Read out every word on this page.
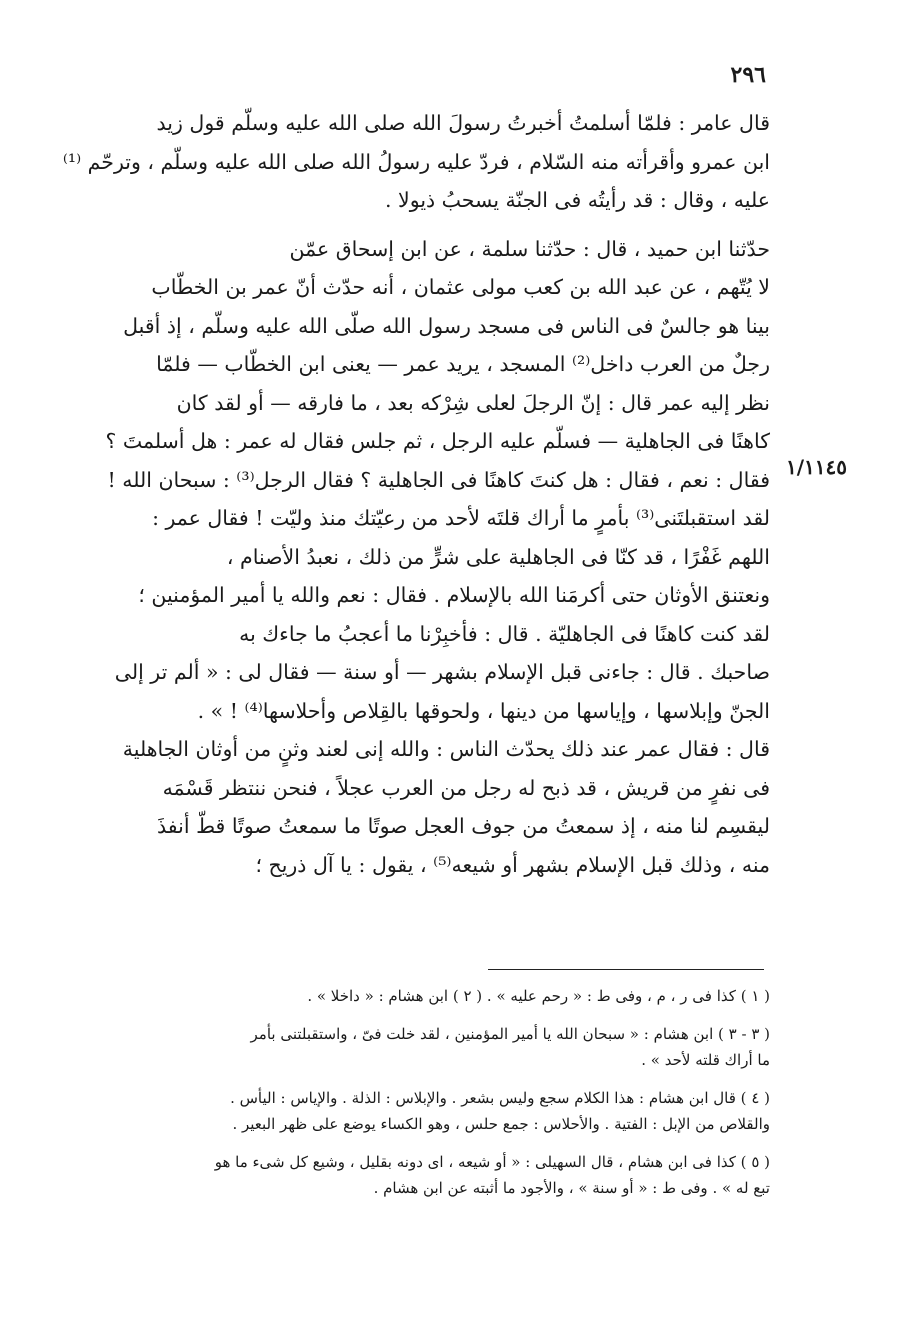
٢٩٦
١/١١٤٥
قال عامر : فلمّا أسلمتُ أخبرتُ رسولَ الله صلى الله عليه وسلّم قول زيد
ابن عمرو وأقرأته منه السّلام ، فردّ عليه رسولُ الله صلى الله عليه وسلّم ، وترحّم ⁽¹⁾
عليه ، وقال : قد رأيتُه فى الجنّة يسحبُ ذيولا .
حدّثنا ابن حميد ، قال : حدّثنا سلمة ، عن ابن إسحاق عمّن
لا يُتّهم ، عن عبد الله بن كعب مولى عثمان ، أنه حدّث أنّ عمر بن الخطّاب
بينا هو جالسٌ فى الناس فى مسجد رسول الله صلّى الله عليه وسلّم ، إذ أقبل
رجلٌ من العرب داخل⁽²⁾ المسجد ، يريد عمر — يعنى ابن الخطّاب — فلمّا
نظر إليه عمر قال : إنّ الرجلَ لعلى شِرْكه بعد ، ما فارقه — أو لقد كان
كاهنًا فى الجاهلية — فسلّم عليه الرجل ، ثم جلس فقال له عمر : هل أسلمتَ ؟
فقال : نعم ، فقال : هل كنتَ كاهنًا فى الجاهلية ؟ فقال الرجل⁽³⁾ : سبحان الله !
لقد استقبلتَنى⁽³⁾ بأمرٍ ما أراك قلتَه لأحد من رعيّتك منذ وليّت ! فقال عمر :
اللهم غَفْرًا ، قد كنّا فى الجاهلية على شرٍّ من ذلك ، نعبدُ الأصنام ،
ونعتنق الأوثان حتى أكرمَنا الله بالإسلام . فقال : نعم والله يا أمير المؤمنين ؛
لقد كنت كاهنًا فى الجاهليّة . قال : فأخبِرْنا ما أعجبُ ما جاءك به
صاحبك . قال : جاءنى قبل الإسلام بشهر — أو سنة — فقال لى : « ألم تر إلى
الجنّ وإبلاسها ، وإياسها من دينها ، ولحوقها بالقِلاص وأحلاسها⁽⁴⁾ ! » .
قال : فقال عمر عند ذلك يحدّث الناس : والله إنى لعند وثنٍ من أوثان الجاهلية
فى نفرٍ من قريش ، قد ذبح له رجل من العرب عجلاً ، فنحن ننتظر قَسْمَه
ليقسِم لنا منه ، إذ سمعتُ من جوف العجل صوتًا ما سمعتُ صوتًا قطّ أنفذَ
منه ، وذلك قبل الإسلام بشهر أو شيعه⁽⁵⁾ ، يقول : يا آل ذريح ؛
( ١ ) كذا فى ر ، م ، وفى ط : « رحم عليه » . ( ٢ ) ابن هشام : « داخلا » .
( ٣ - ٣ ) ابن هشام : « سبحان الله يا أمير المؤمنين ، لقد خلت فىّ ، واستقبلتنى بأمر
ما أراك قلته لأحد » .
( ٤ ) قال ابن هشام : هذا الكلام سجع وليس بشعر . والإبلاس : الذلة . والإياس : اليأس .
والقلاص من الإبل : الفتية . والأحلاس : جمع حلس ، وهو الكساء يوضع على ظهر البعير .
( ٥ ) كذا فى ابن هشام ، قال السهيلى : « أو شيعه ، اى دونه بقليل ، وشيع كل شىء ما هو
تبع له » . وفى ط : « أو سنة » ، والأجود ما أثبته عن ابن هشام .
